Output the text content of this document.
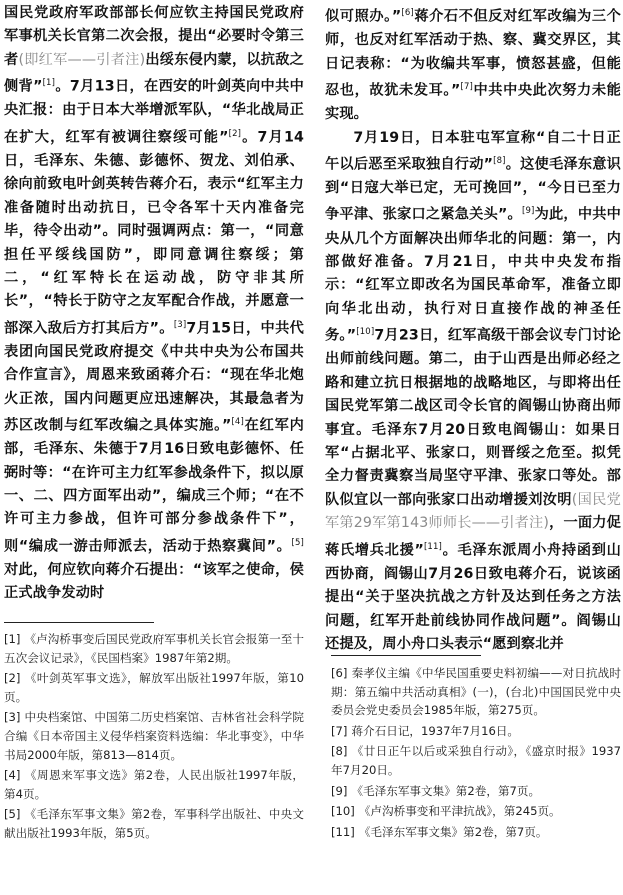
国民党政府军政部部长何应钦主持国民党政府军事机关长官第二次会报，提出“必要时令第三者(即红军——引者注)出绥东侵内蒙，以抗敌之侧背”[1]。7月13日，在西安的叶剑英向中共中央汇报：由于日本大举增派军队，“华北战局正在扩大，红军有被调往察绥可能”[2]。7月14日，毛泽东、朱德、彭德怀、贺龙、刘伯承、徐向前致电叶剑英转告蒋介石，表示“红军主力准备随时出动抗日，已令各军十天内准备完毕，待令出动”。同时强调两点：第一，“同意担任平绥线国防”，即同意调往察绥；第二，“红军特长在运动战，防守非其所长”，“特长于防守之友军配合作战，并愿意一部深入敌后方打其后方”。[3]7月15日，中共代表团向国民党政府提交《中共中央为公布国共合作宣言》，周恩来致函蒋介石：“现在华北炮火正浓，国内问题更应迅速解决，其最急者为苏区改制与红军改编之具体实施。”[4]在红军内部，毛泽东、朱德于7月16日致电彭德怀、任弼时等：“在许可主力红军参战条件下，拟以原一、二、四方面军出动”，编成三个师；“在不许可主力参战，但许可部分参战条件下”，则“编成一游击师派去，活动于热察冀间”。[5]对此，何应钦向蒋介石提出：“该军之使命，侯正式战争发动时

似可照办。”[6]蒋介石不但反对红军改编为三个师，也反对红军活动于热、察、冀交界区，其日记表称：“为收编共军事，愤怒甚盛，但能忍也，故犹未发耳。”[7]中共中央此次努力未能实现。

7月19日，日本驻屯军宣称“自二十日正午以后恶至采取独自行动”[8]。这使毛泽东意识到“日寇大举已定，无可挽回”，“今日已至力争平津、张家口之紧急关头”。[9]为此，中共中央从几个方面解决出师华北的问题：第一，内部做好准备。7月21日，中共中央发布指示：“红军立即改名为国民革命军，准备立即向华北出动，执行对日直接作战的神圣任务。”[10]7月23日，红军高级干部会议专门讨论出师前线问题。第二，由于山西是出师必经之路和建立抗日根据地的战略地区，与即将出任国民党军第二战区司令长官的阎锡山协商出师事宜。毛泽东7月20日致电阎锡山：如果日军“占据北平、张家口，则晋绥之危至。拟凭全力督责冀察当局坚守平津、张家口等处。部队似宜以一部向张家口出动增援刘汝明(国民党军第29军第143师师长——引者注)，一面力促蒋氏增兵北援”[11]。毛泽东派周小舟持函到山西协商，阎锡山7月26日致电蒋介石，说该函提出“关于坚决抗战之方针及达到任务之方法问题，红军开赴前线协同作战问题”。阎锡山还提及，周小舟口头表示“愿到察北并

[1] 《卢沟桥事变后国民党政府军事机关长官会报第一至十五次会议记录》，《民国档案》1987年第2期。

[2] 《叶剑英军事文选》，解放军出版社1997年版，第10页。

[3] 中央档案馆、中国第二历史档案馆、吉林省社会科学院合编《日本帝国主义侵华档案资料选编：华北事变》，中华书局2000年版，第813—814页。

[4] 《周恩来军事文选》第2卷，人民出版社1997年版，第4页。

[5] 《毛泽东军事文集》第2卷，军事科学出版社、中央文献出版社1993年版，第5页。

[6] 秦孝仪主编《中华民国重要史料初编——对日抗战时期：第五编中共活动真相》(一)，(台北)中国国民党中央委员会党史委员会1985年版，第275页。

[7] 蒋介石日记，1937年7月16日。

[8] 《廿日正午以后或采独自行动》，《盛京时报》1937年7月20日。

[9] 《毛泽东军事文集》第2卷，第7页。

[10] 《卢沟桥事变和平津抗战》，第245页。

[11] 《毛泽东军事文集》第2卷，第7页。
